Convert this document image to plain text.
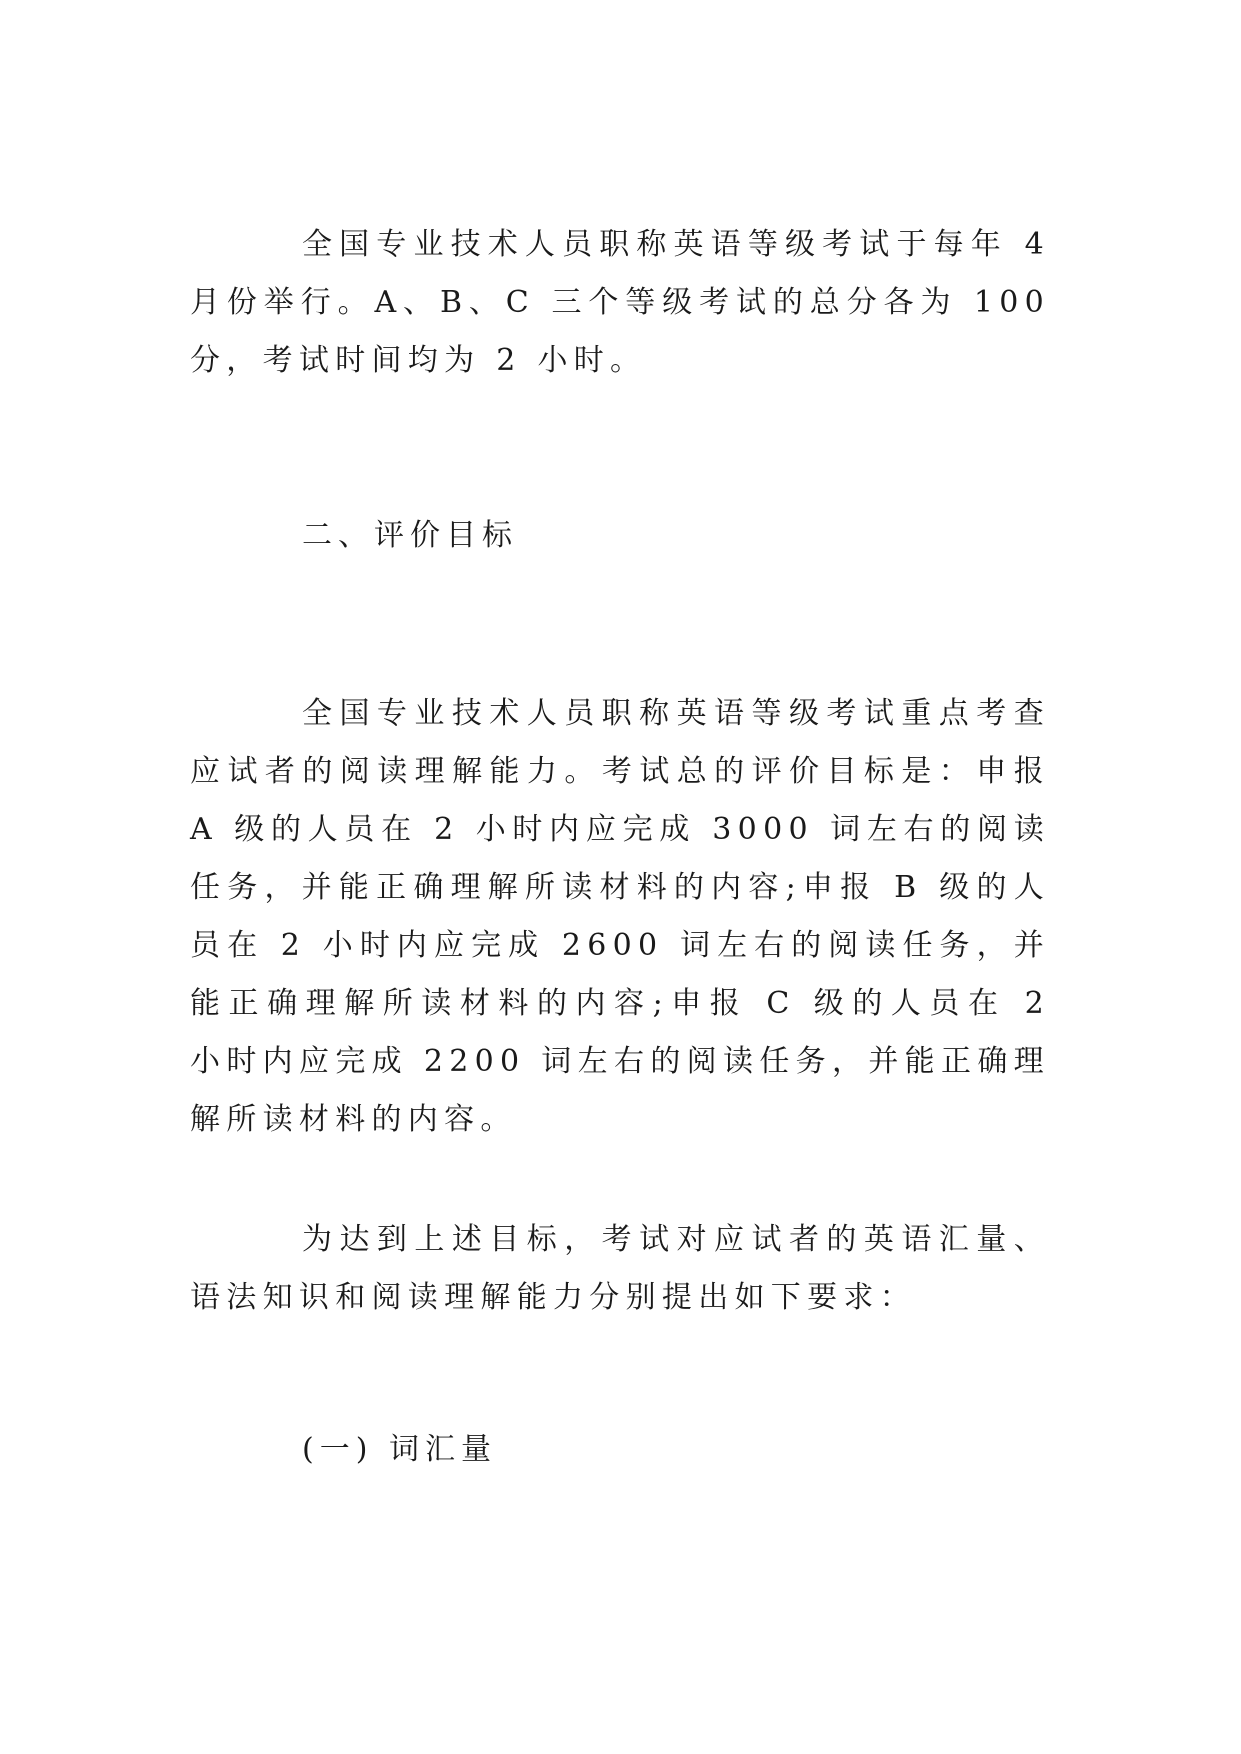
全国专业技术人员职称英语等级考试于每年 4 月份举行。A、B、C 三个等级考试的总分各为 100 分，考试时间均为 2 小时。

二、评价目标

全国专业技术人员职称英语等级考试重点考查应试者的阅读理解能力。考试总的评价目标是：申报 A 级的人员在 2 小时内应完成 3000 词左右的阅读任务，并能正确理解所读材料的内容;申报 B 级的人员在 2 小时内应完成 2600 词左右的阅读任务，并能正确理解所读材料的内容;申报 C 级的人员在 2 小时内应完成 2200 词左右的阅读任务，并能正确理解所读材料的内容。

为达到上述目标，考试对应试者的英语汇量、语法知识和阅读理解能力分别提出如下要求：

(一) 词汇量
